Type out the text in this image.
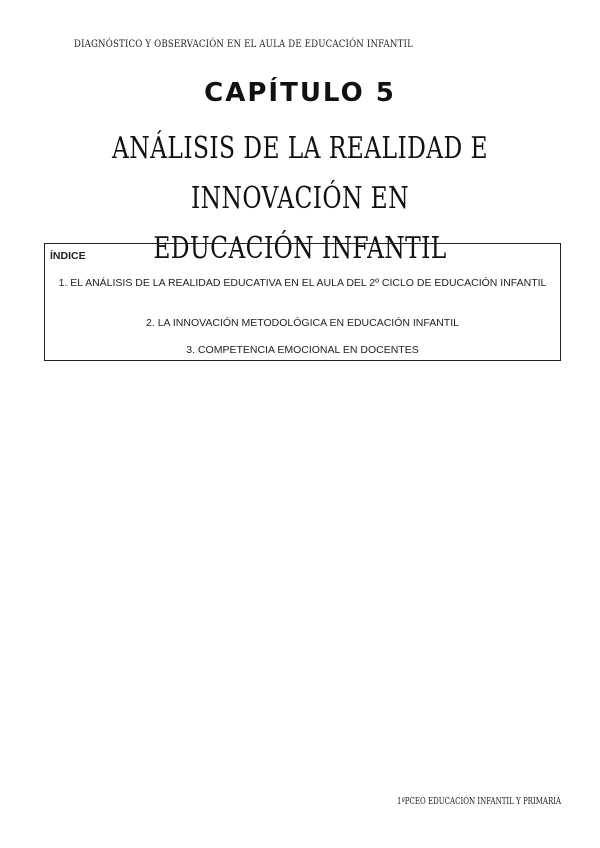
DIAGNÓSTICO Y OBSERVACIÓN EN EL AULA DE EDUCACIÓN INFANTIL
CAPÍTULO 5
ANÁLISIS DE LA REALIDAD E INNOVACIÓN EN
EDUCACIÓN INFANTIL
ÍNDICE
1. EL ANÁLISIS DE LA REALIDAD EDUCATIVA EN EL AULA DEL 2º CICLO DE EDUCACIÓN INFANTIL
2. LA INNOVACIÓN METODOLÓGICA EN EDUCACIÓN INFANTIL
3. COMPETENCIA EMOCIONAL EN DOCENTES
1ºPCEO EDUCACIÓN INFANTIL Y PRIMARIA
